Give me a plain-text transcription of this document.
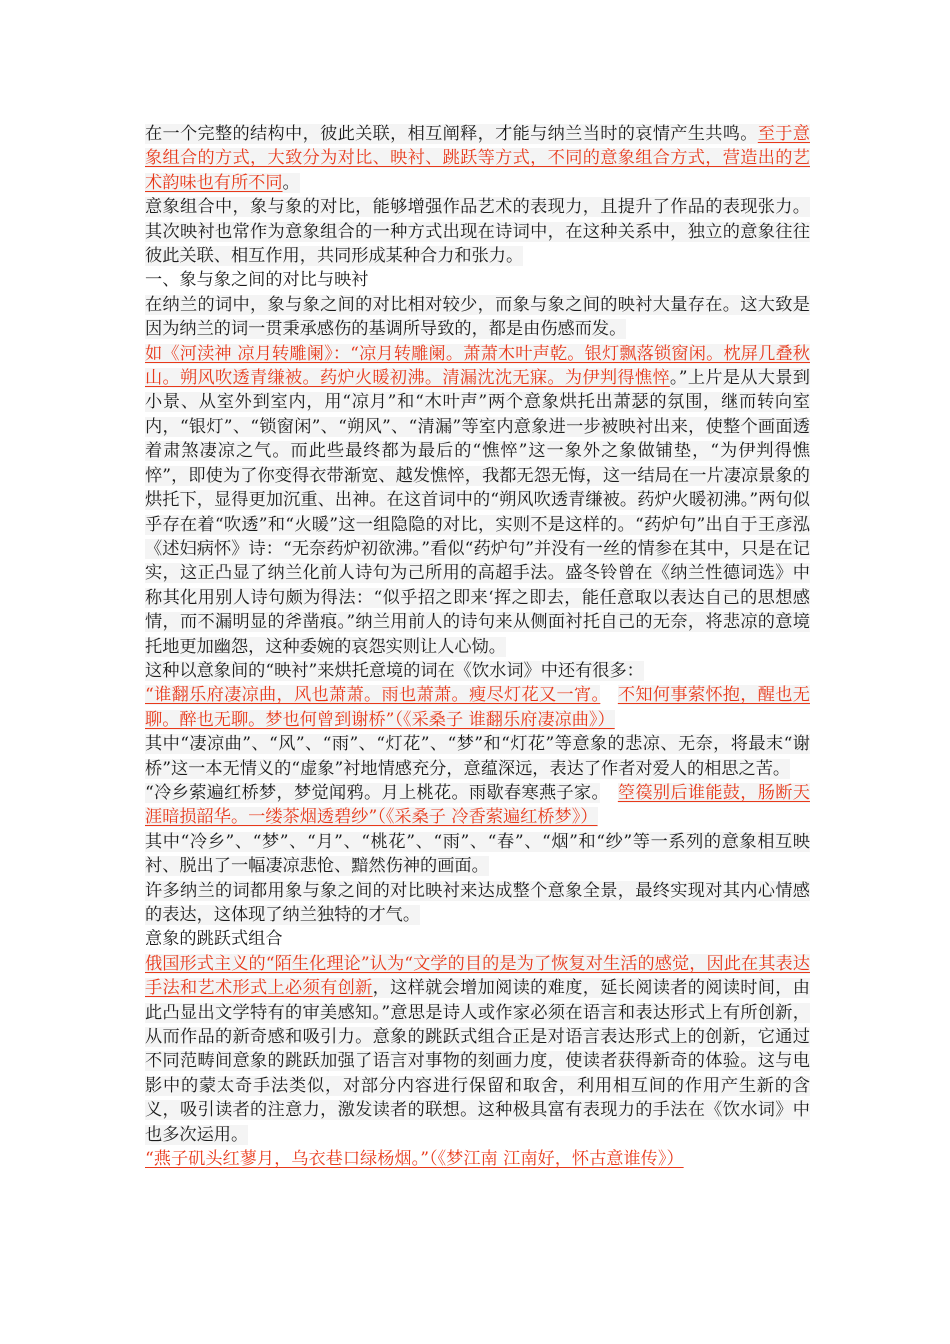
在一个完整的结构中，彼此关联，相互阐释，才能与纳兰当时的哀情产生共鸣。至于意象组合的方式，大致分为对比、映衬、跳跃等方式，不同的意象组合方式，营造出的艺术韵味也有所不同。

意象组合中，象与象的对比，能够增强作品艺术的表现力，且提升了作品的表现张力。其次映衬也常作为意象组合的一种方式出现在诗词中，在这种关系中，独立的意象往往彼此关联、相互作用，共同形成某种合力和张力。

一、象与象之间的对比与映衬

在纳兰的词中，象与象之间的对比相对较少，而象与象之间的映衬大量存在。这大致是因为纳兰的词一贯秉承感伤的基调所导致的，都是由伤感而发。

如《河渎神 凉月转雕阑》：“凉月转雕阑。萧萧木叶声乾。银灯飘落锁窗闲。枕屏几叠秋山。朔风吹透青缣被。药炉火暖初沸。清漏沈沈无寐。为伊判得憔悴。”上片是从大景到小景、从室外到室内，用“凉月”和“木叶声”两个意象烘托出萧瑟的氛围，继而转向室内，“银灯”、“锁窗闲”、“朔风”、“清漏”等室内意象进一步被映衬出来，使整个画面透着肃煞凄凉之气。而此些最终都为最后的“憔悴”这一象外之象做铺垫，“为伊判得憔悴”，即使为了你变得衣带渐宽、越发憔悴，我都无怨无悔，这一结局在一片凄凉景象的烘托下，显得更加沉重、出神。在这首词中的“朔风吹透青缣被。药炉火暖初沸。”两句似乎存在着“吹透”和“火暖”这一组隐隐的对比，实则不是这样的。“药炉句”出自于王彦泓《述妇病怀》诗：“无奈药炉初欲沸。”看似“药炉句”并没有一丝的情参在其中，只是在记实，这正凸显了纳兰化前人诗句为己所用的高超手法。盛冬铃曾在《纳兰性德词选》中称其化用别人诗句颇为得法：“似乎招之即来‘挥之即去，能任意取以表达自己的思想感情，而不漏明显的斧凿痕。”纳兰用前人的诗句来从侧面衬托自己的无奈，将悲凉的意境托地更加幽怨，这种委婉的哀怨实则让人心恸。

这种以意象间的“映衬”来烘托意境的词在《饮水词》中还有很多：

“谁翻乐府凄凉曲，风也萧萧。雨也萧萧。瘦尽灯花又一宵。　 不知何事萦怀抱，醒也无聊。醉也无聊。梦也何曾到谢桥”（《采桑子 谁翻乐府凄凉曲》）

其中“凄凉曲”、“风”、“雨”、“灯花”、“梦”和“灯花”等意象的悲凉、无奈，将最末“谢桥”这一本无情义的“虚象”衬地情感充分，意蕴深远，表达了作者对爱人的相思之苦。

“冷乡萦遍红桥梦，梦觉闻鸦。月上桃花。雨歇春寒燕子家。　 箜篌别后谁能鼓，肠断天涯暗损韶华。一缕茶烟透碧纱”（《采桑子 冷香萦遍红桥梦》）

其中“冷乡”、“梦”、“月”、“桃花”、“雨”、“春”、“烟”和“纱”等一系列的意象相互映衬、脱出了一幅凄凉悲怆、黯然伤神的画面。

许多纳兰的词都用象与象之间的对比映衬来达成整个意象全景，最终实现对其内心情感的表达，这体现了纳兰独特的才气。

意象的跳跃式组合

俄国形式主义的“陌生化理论”认为“文学的目的是为了恢复对生活的感觉，因此在其表达手法和艺术形式上必须有创新，这样就会增加阅读的难度，延长阅读者的阅读时间，由此凸显出文学特有的审美感知。”意思是诗人或作家必须在语言和表达形式上有所创新，从而作品的新奇感和吸引力。意象的跳跃式组合正是对语言表达形式上的创新，它通过不同范畴间意象的跳跃加强了语言对事物的刻画力度，使读者获得新奇的体验。这与电影中的蒙太奇手法类似，对部分内容进行保留和取舍，利用相互间的作用产生新的含义，吸引读者的注意力，激发读者的联想。这种极具富有表现力的手法在《饮水词》中也多次运用。

“燕子矶头红蓼月，乌衣巷口绿杨烟。”（《梦江南 江南好，怀古意谁传》）
